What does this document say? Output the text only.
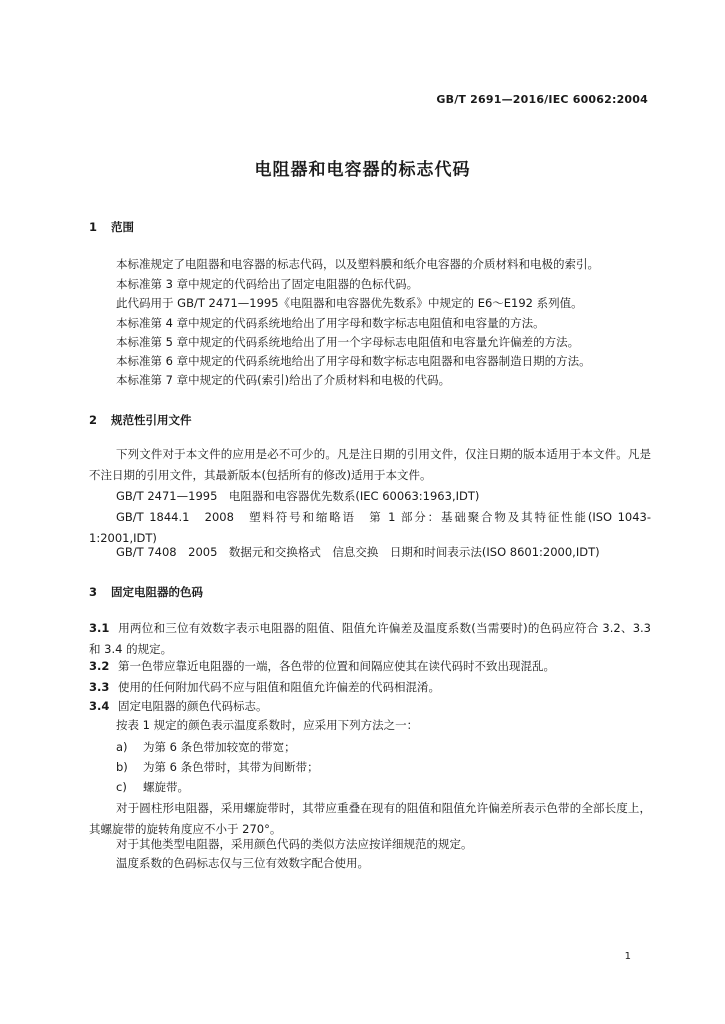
GB/T 2691—2016/IEC 60062:2004
电阻器和电容器的标志代码
1 范围
本标准规定了电阻器和电容器的标志代码，以及塑料膜和纸介电容器的介质材料和电极的索引。
本标准第 3 章中规定的代码给出了固定电阻器的色标代码。
此代码用于 GB/T 2471—1995《电阻器和电容器优先数系》中规定的 E6～E192 系列值。
本标准第 4 章中规定的代码系统地给出了用字母和数字标志电阻值和电容量的方法。
本标准第 5 章中规定的代码系统地给出了用一个字母标志电阻值和电容量允许偏差的方法。
本标准第 6 章中规定的代码系统地给出了用字母和数字标志电阻器和电容器制造日期的方法。
本标准第 7 章中规定的代码(索引)给出了介质材料和电极的代码。
2 规范性引用文件
下列文件对于本文件的应用是必不可少的。凡是注日期的引用文件，仅注日期的版本适用于本文件。凡是不注日期的引用文件，其最新版本(包括所有的修改)适用于本文件。
GB/T 2471—1995　电阻器和电容器优先数系(IEC 60063:1963,IDT)
GB/T 1844.1　2008　塑料符号和缩略语　第 1 部分：基础聚合物及其特征性能(ISO 1043-1:2001,IDT)
GB/T 7408　2005　数据元和交换格式　信息交换　日期和时间表示法(ISO 8601:2000,IDT)
3 固定电阻器的色码
3.1 用两位和三位有效数字表示电阻器的阻值、阻值允许偏差及温度系数(当需要时)的色码应符合 3.2、3.3 和 3.4 的规定。
3.2 第一色带应靠近电阻器的一端，各色带的位置和间隔应使其在读代码时不致出现混乱。
3.3 使用的任何附加代码不应与阻值和阻值允许偏差的代码相混淆。
3.4 固定电阻器的颜色代码标志。
按表 1 规定的颜色表示温度系数时，应采用下列方法之一：
a) 为第 6 条色带加较宽的带宽；
b) 为第 6 条色带时，其带为间断带；
c) 螺旋带。
对于圆柱形电阻器，采用螺旋带时，其带应重叠在现有的阻值和阻值允许偏差所表示色带的全部长度上，其螺旋带的旋转角度应不小于 270°。
对于其他类型电阻器，采用颜色代码的类似方法应按详细规范的规定。
温度系数的色码标志仅与三位有效数字配合使用。
1
